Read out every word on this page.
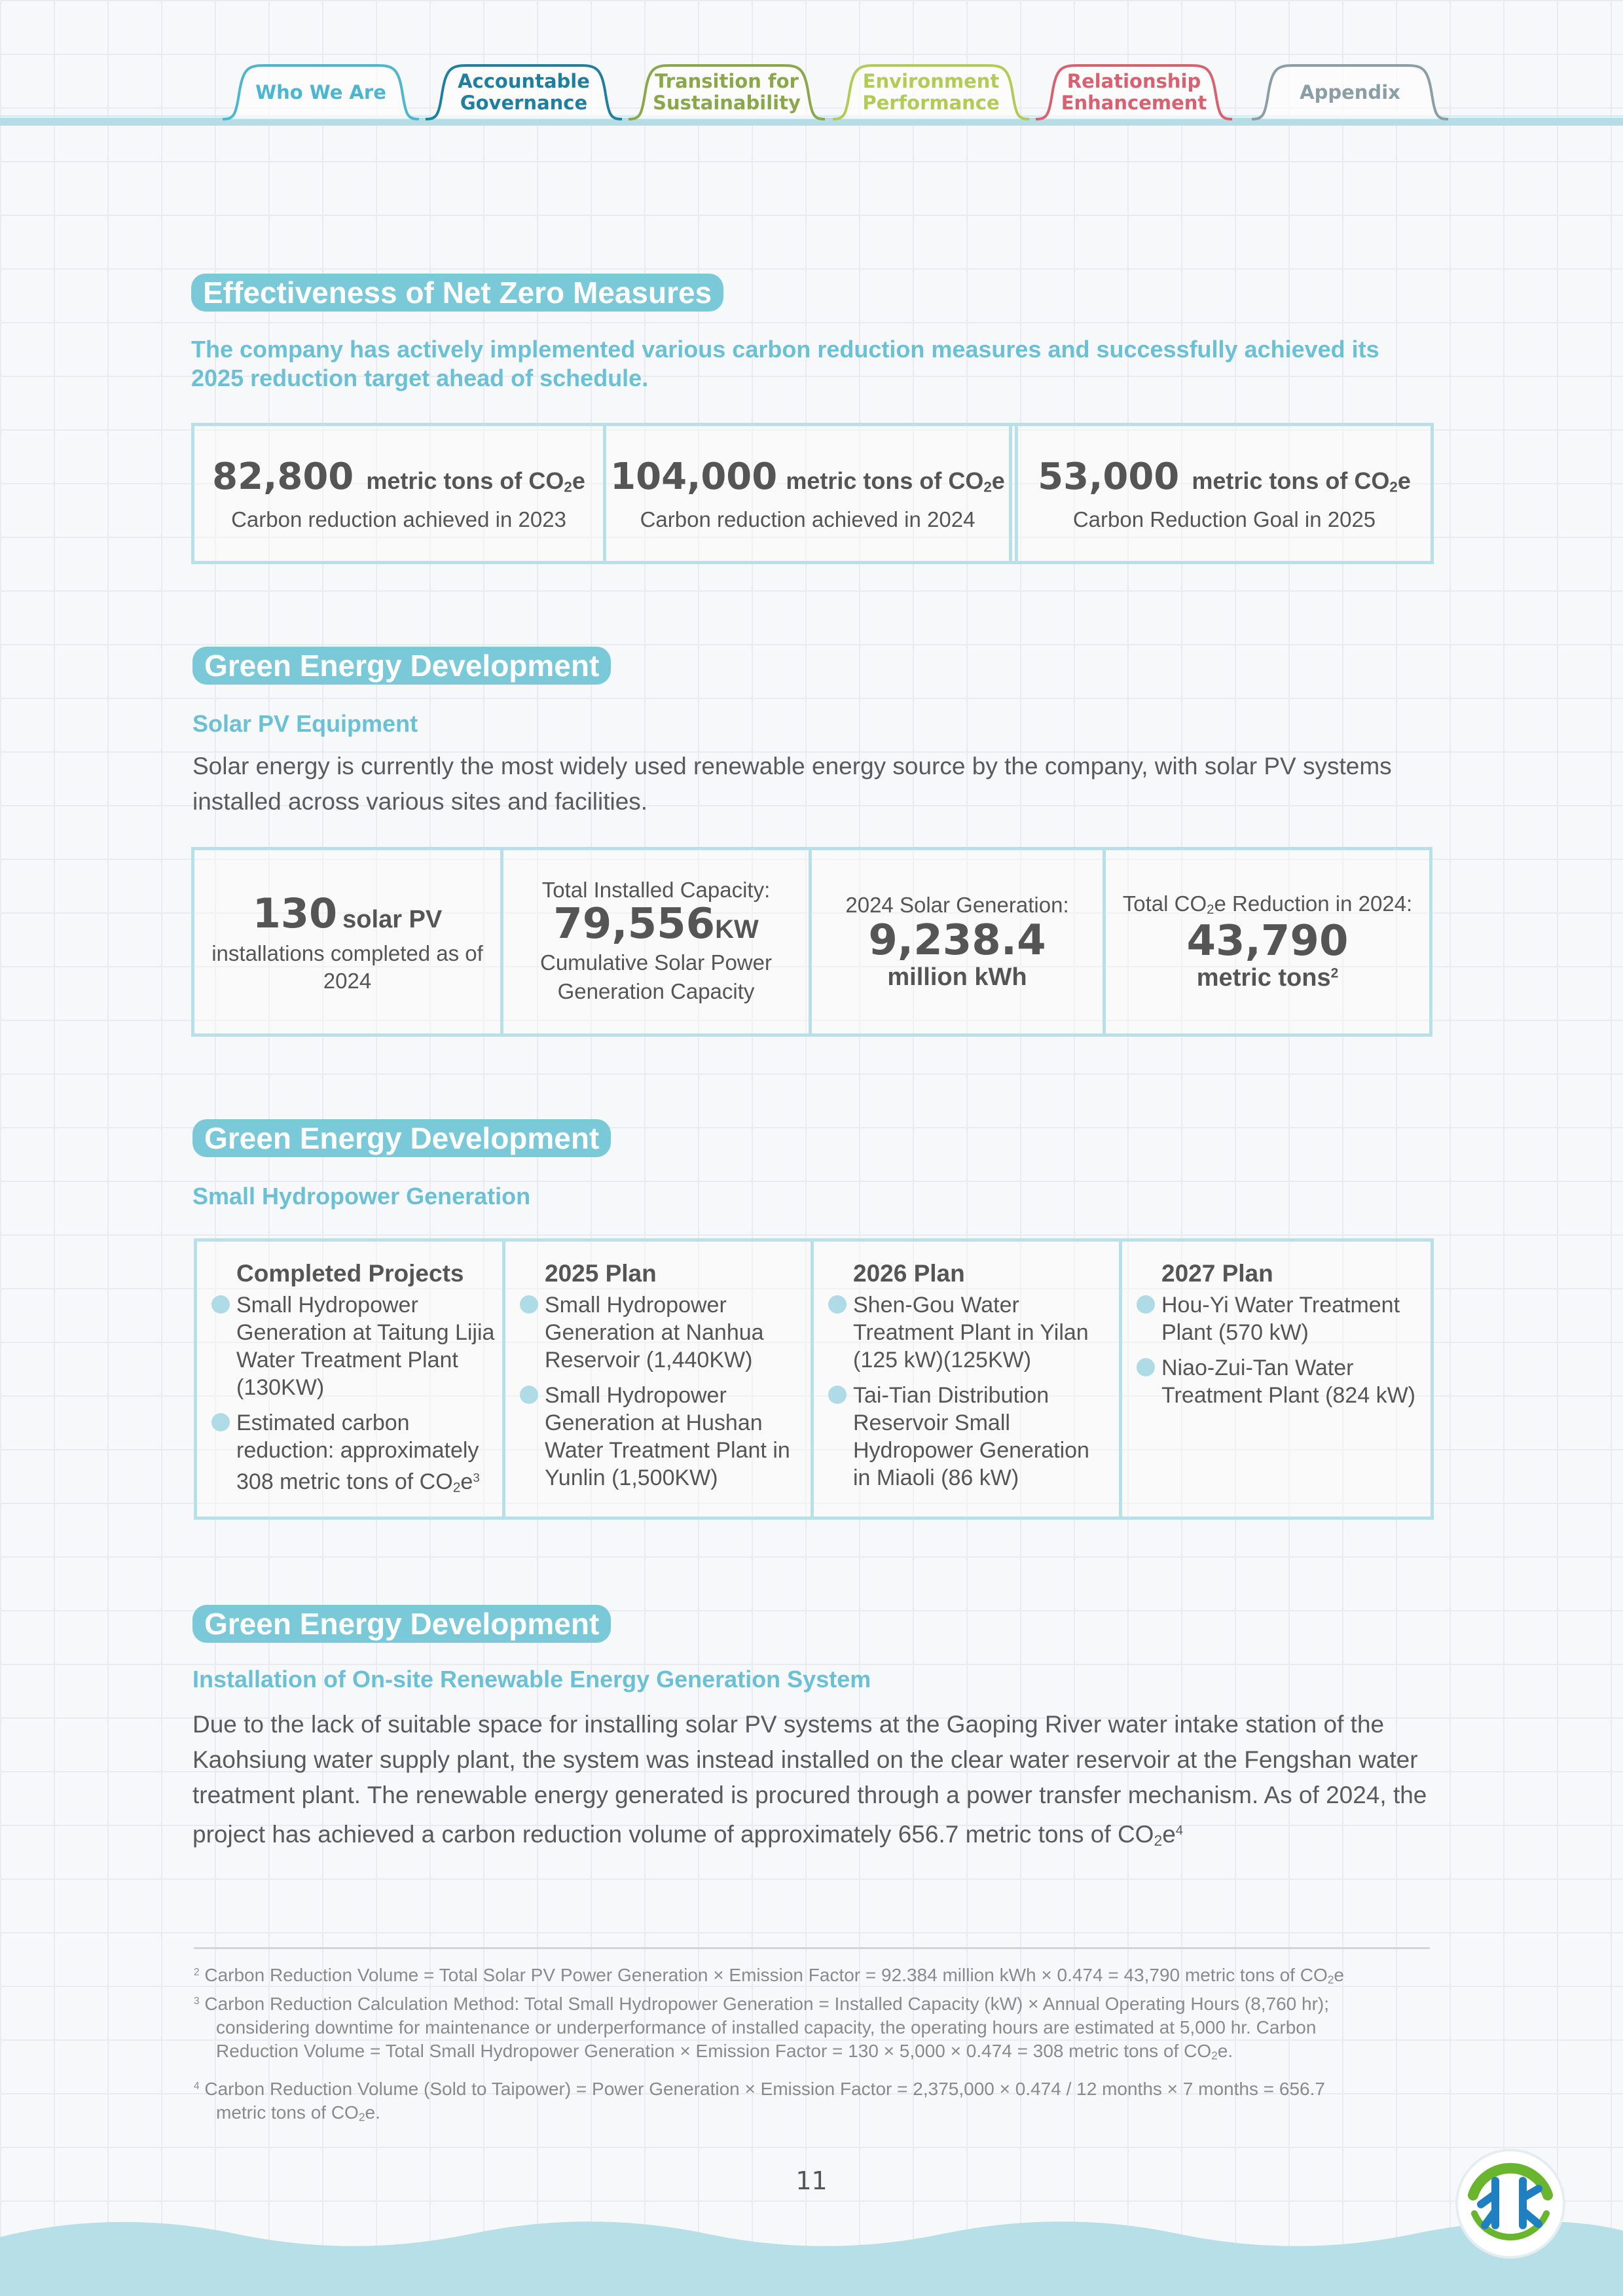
Who We Are	Accountable
Governance
Transition for
Sustainability
Environment
Performance
Relationship
Enhancement	Appendix
Effectiveness of Net Zero Measures
The company has actively implemented various carbon reduction measures and successfully achieved its 2025 reduction target ahead of schedule.
82,800 metric tons of $CO_2e$
Carbon reduction achieved in 2023
104,000 metric tons of $CO_2e$
Carbon reduction achieved in 2024
53,000 metric tons of $CO_2e$
Carbon Reduction Goal in 2025
Green Energy Development
Solar PV Equipment
Solar energy is currently the most widely used renewable energy source by the company, with solar PV systems installed across various sites and facilities.
130 solar PV
installations completed as of 2024
Total Installed Capacity:
79,556KW
Cumulative Solar Power Generation Capacity
2024 Solar Generation:
9,238.4
million kWh
Total $CO_2e$ Reduction in 2024:
43,790
metric tons$^2$
Green Energy Development
Small Hydropower Generation
Completed Projects
Small Hydropower Generation at Taitung Lijia Water Treatment Plant (130KW)
Estimated carbon reduction: approximately 308 metric tons of $CO_2e^3$
2025 Plan
Small Hydropower Generation at Nanhua Reservoir (1,440KW)
Small Hydropower Generation at Hushan Water Treatment Plant in Yunlin (1,500KW)
2026 Plan
Shen-Gou Water Treatment Plant in Yilan (125 kW)(125KW)
Tai-Tian Distribution Reservoir Small Hydropower Generation in Miaoli (86 kW)
2027 Plan
Hou-Yi Water Treatment Plant (570 kW)
Niao-Zui-Tan Water Treatment Plant (824 kW)
Green Energy Development
Installation of On-site Renewable Energy Generation System
Due to the lack of suitable space for installing solar PV systems at the Gaoping River water intake station of the Kaohsiung water supply plant, the system was instead installed on the clear water reservoir at the Fengshan water treatment plant. The renewable energy generated is procured through a power transfer mechanism. As of 2024, the project has achieved a carbon reduction volume of approximately 656.7 metric tons of $CO_2e^4$
$^2$ Carbon Reduction Volume = Total Solar PV Power Generation × Emission Factor = 92.384 million kWh × 0.474 = 43,790 metric tons of $CO_2e$
$^3$ Carbon Reduction Calculation Method: Total Small Hydropower Generation = Installed Capacity (kW) × Annual Operating Hours (8,760 hr);
considering downtime for maintenance or underperformance of installed capacity, the operating hours are estimated at 5,000 hr. Carbon
Reduction Volume = Total Small Hydropower Generation × Emission Factor = 130 × 5,000 × 0.474 = 308 metric tons of $CO_2e$.
$^4$ Carbon Reduction Volume (Sold to Taipower) = Power Generation × Emission Factor = 2,375,000 × 0.474 / 12 months × 7 months = 656.7
metric tons of $CO_2e$.
11
